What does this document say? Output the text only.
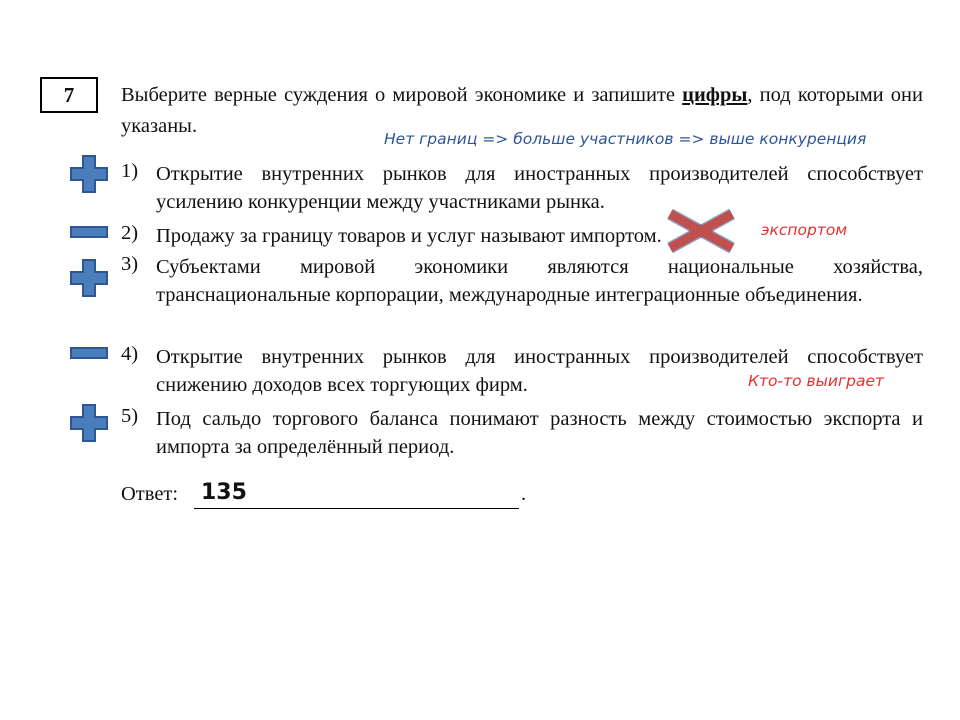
7 Выберите верные суждения о мировой экономике и запишите цифры, под которыми они указаны.
Нет границ => больше участников => выше конкуренция
1) Открытие внутренних рынков для иностранных производителей способствует усилению конкуренции между участниками рынка.
2) Продажу за границу товаров и услуг называют импортом.
3) Субъектами мировой экономики являются национальные хозяйства, транснациональные корпорации, международные интеграционные объединения.
4) Открытие внутренних рынков для иностранных производителей способствует снижению доходов всех торгующих фирм.
5) Под сальдо торгового баланса понимают разность между стоимостью экспорта и импорта за определённый период.
экспортом
Кто-то выиграет
Ответ: 135	.
